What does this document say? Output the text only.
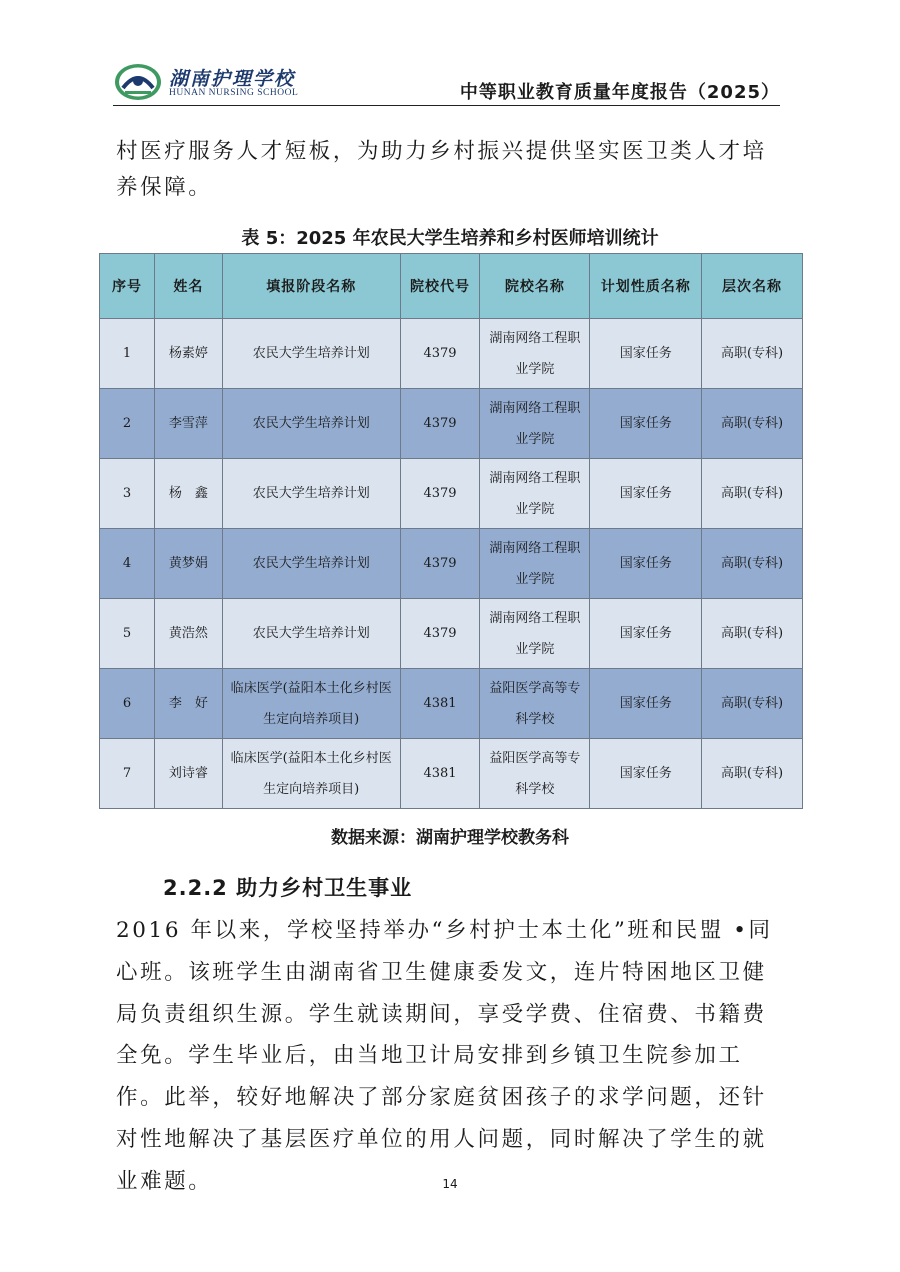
湖南护理学校
HUNAN NURSING SCHOOL	中等职业教育质量年度报告（2025）

村医疗服务人才短板，为助力乡村振兴提供坚实医卫类人才培养保障。

表 5：2025 年农民大学生培养和乡村医师培训统计
序号	姓名	填报阶段名称	院校代号	院校名称	计划性质名称	层次名称
1	杨素婷	农民大学生培养计划	4379	湖南网络工程职业学院	国家任务	高职(专科)
2	李雪萍	农民大学生培养计划	4379	湖南网络工程职业学院	国家任务	高职(专科)
3	杨　鑫	农民大学生培养计划	4379	湖南网络工程职业学院	国家任务	高职(专科)
4	黄梦娟	农民大学生培养计划	4379	湖南网络工程职业学院	国家任务	高职(专科)
5	黄浩然	农民大学生培养计划	4379	湖南网络工程职业学院	国家任务	高职(专科)
6	李　好	临床医学(益阳本土化乡村医生定向培养项目)	4381	益阳医学高等专科学校	国家任务	高职(专科)
7	刘诗睿	临床医学(益阳本土化乡村医生定向培养项目)	4381	益阳医学高等专科学校	国家任务	高职(专科)
数据来源：湖南护理学校教务科
2.2.2 助力乡村卫生事业

2016 年以来，学校坚持举办“乡村护士本土化”班和民盟 •同心班。该班学生由湖南省卫生健康委发文，连片特困地区卫健局负责组织生源。学生就读期间，享受学费、住宿费、书籍费全免。学生毕业后，由当地卫计局安排到乡镇卫生院参加工作。此举，较好地解决了部分家庭贫困孩子的求学问题，还针对性地解决了基层医疗单位的用人问题，同时解决了学生的就业难题。	14
